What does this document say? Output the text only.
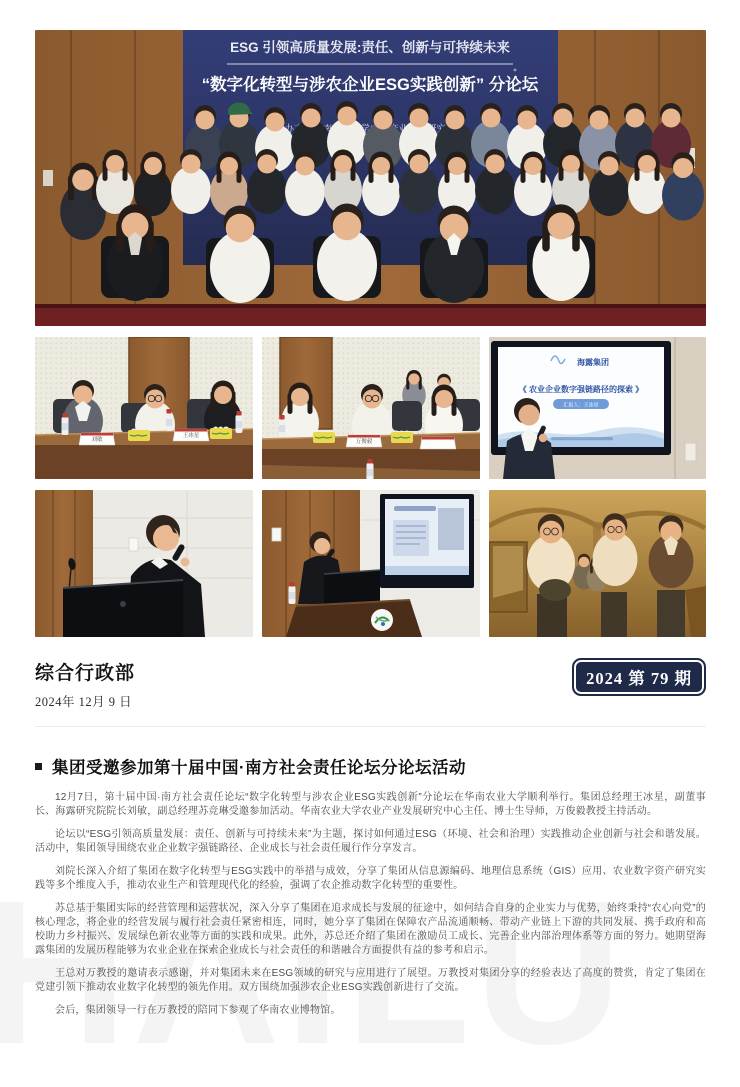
ESG 引领高质量发展:责任、创新与可持续未来
“数字化转型与涉农企业ESG实践创新” 分论坛
刘敏
王冰星
万俊毅
海露集团
《 农业企业数字强链路径的探索 》
汇报人：王冰星
综合行政部
2024年 12月 9 日
2024 第 79 期
集团受邀参加第十届中国·南方社会责任论坛分论坛活动

12月7日，第十届中国·南方社会责任论坛“数字化转型与涉农企业ESG实践创新”分论坛在华南农业大学顺利举行。集团总经理王冰星，副董事长、海露研究院院长刘敏，副总经理苏竞琳受邀参加活动。华南农业大学农业产业发展研究中心主任、博士生导师，万俊毅教授主持活动。

论坛以“ESG引领高质量发展：责任、创新与可持续未来”为主题，探讨如何通过ESG（环境、社会和治理）实践推动企业创新与社会和谐发展。活动中，集团领导围绕农业企业数字强链路径、企业成长与社会责任履行作分享发言。

刘院长深入介绍了集团在数字化转型与ESG实践中的举措与成效，分享了集团从信息源编码、地理信息系统（GIS）应用、农业数字资产研究实践等多个维度入手，推动农业生产和管理现代化的经验，强调了农企推动数字化转型的重要性。

苏总基于集团实际的经营管理和运营状况，深入分享了集团在追求成长与发展的征途中，如何结合自身的企业实力与优势，始终秉持“农心向党”的核心理念，将企业的经营发展与履行社会责任紧密相连，同时，她分享了集团在保障农产品流通顺畅、带动产业链上下游的共同发展、携手政府和高校助力乡村振兴、发展绿色新农业等方面的实践和成果。此外，苏总还介绍了集团在激励员工成长、完善企业内部治理体系等方面的努力。她期望海露集团的发展历程能够为农业企业在探索企业成长与社会责任的和谐融合方面提供有益的参考和启示。

王总对万教授的邀请表示感谢，并对集团未来在ESG领域的研究与应用进行了展望。万教授对集团分享的经验表达了高度的赞赏，肯定了集团在党建引领下推动农业数字化转型的领先作用。双方围绕加强涉农企业ESG实践创新进行了交流。

会后，集团领导一行在万教授的陪同下参观了华南农业博物馆。
